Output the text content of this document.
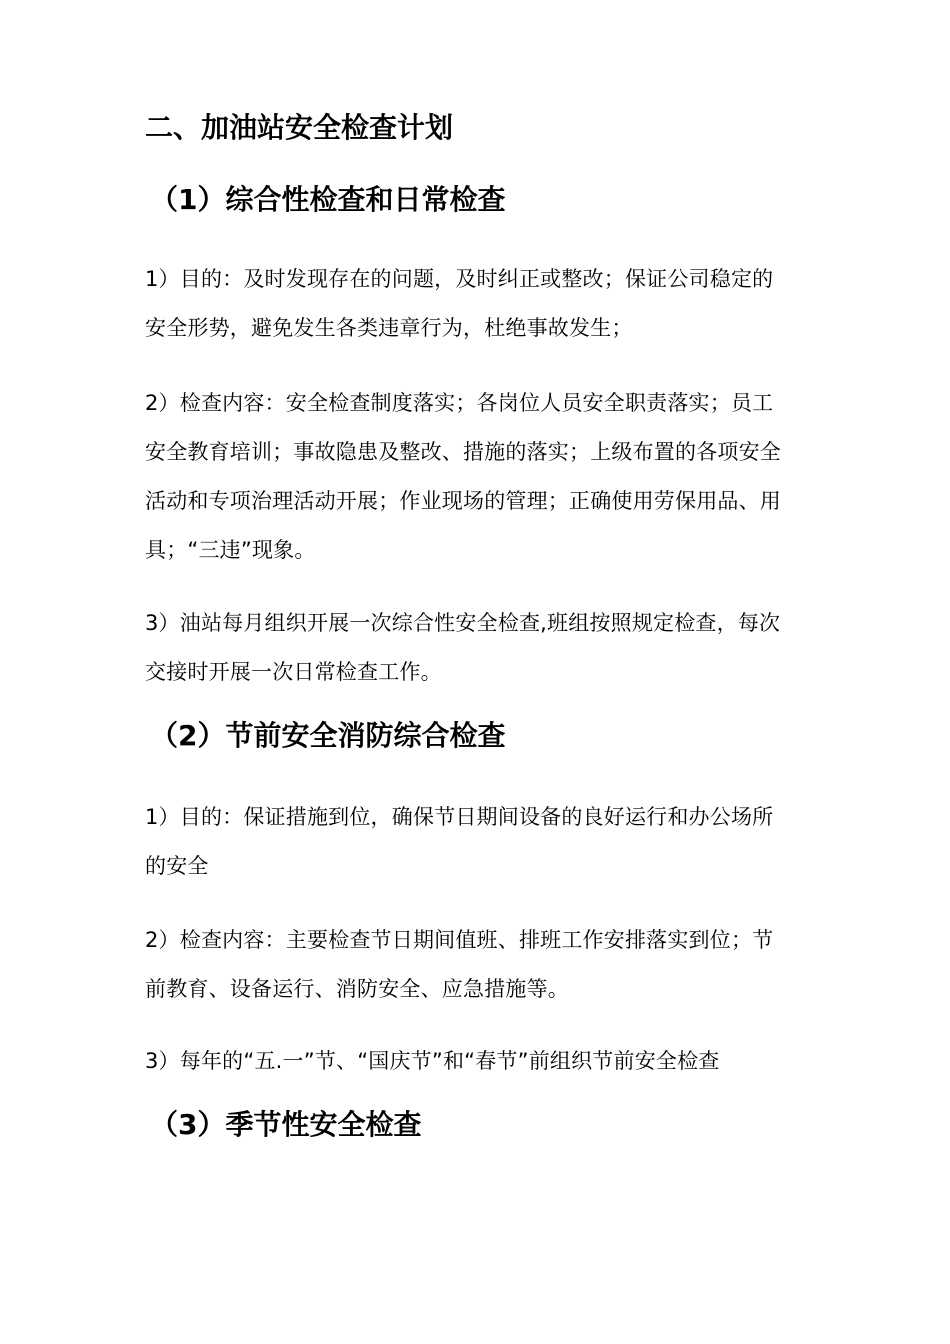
二、加油站安全检查计划
（1）综合性检查和日常检查
1）目的：及时发现存在的问题，及时纠正或整改；保证公司稳定的
安全形势，避免发生各类违章行为，杜绝事故发生；
2）检查内容：安全检查制度落实；各岗位人员安全职责落实；员工
安全教育培训；事故隐患及整改、措施的落实；上级布置的各项安全
活动和专项治理活动开展；作业现场的管理；正确使用劳保用品、用
具；“三违”现象。
3）油站每月组织开展一次综合性安全检查,班组按照规定检查，每次
交接时开展一次日常检查工作。
（2）节前安全消防综合检查
1）目的：保证措施到位，确保节日期间设备的良好运行和办公场所
的安全
2）检查内容：主要检查节日期间值班、排班工作安排落实到位；节
前教育、设备运行、消防安全、应急措施等。
3）每年的“五.一”节、“国庆节”和“春节”前组织节前安全检查
（3）季节性安全检查
